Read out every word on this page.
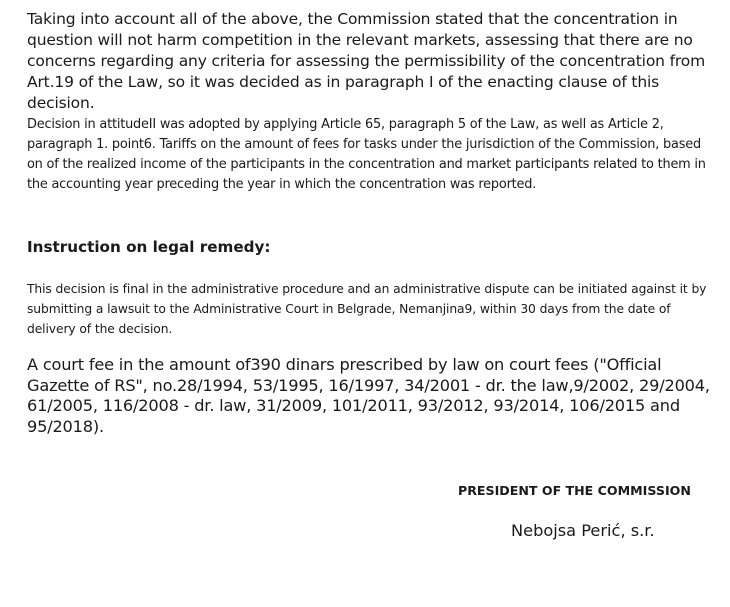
Taking into account all of the above, the Commission stated that the concentration in question will not harm competition in the relevant markets, assessing that there are no concerns regarding any criteria for assessing the permissibility of the concentration from Art.19 of the Law, so it was decided as in paragraph I of the enacting clause of this decision.

Decision in attitudeII was adopted by applying Article 65, paragraph 5 of the Law, as well as Article 2, paragraph 1. point6. Tariffs on the amount of fees for tasks under the jurisdiction of the Commission, based on of the realized income of the participants in the concentration and market participants related to them in the accounting year preceding the year in which the concentration was reported.

Instruction on legal remedy:

This decision is final in the administrative procedure and an administrative dispute can be initiated against it by submitting a lawsuit to the Administrative Court in Belgrade, Nemanjina9, within 30 days from the date of delivery of the decision.

A court fee in the amount of390 dinars prescribed by law on court fees ("Official Gazette of RS", no.28/1994, 53/1995, 16/1997, 34/2001 - dr. the law,9/2002, 29/2004, 61/2005, 116/2008 - dr. law, 31/2009, 101/2011, 93/2012, 93/2014, 106/2015 and 95/2018).

PRESIDENT OF THE COMMISSION
Nebojsa Perić, s.r.
